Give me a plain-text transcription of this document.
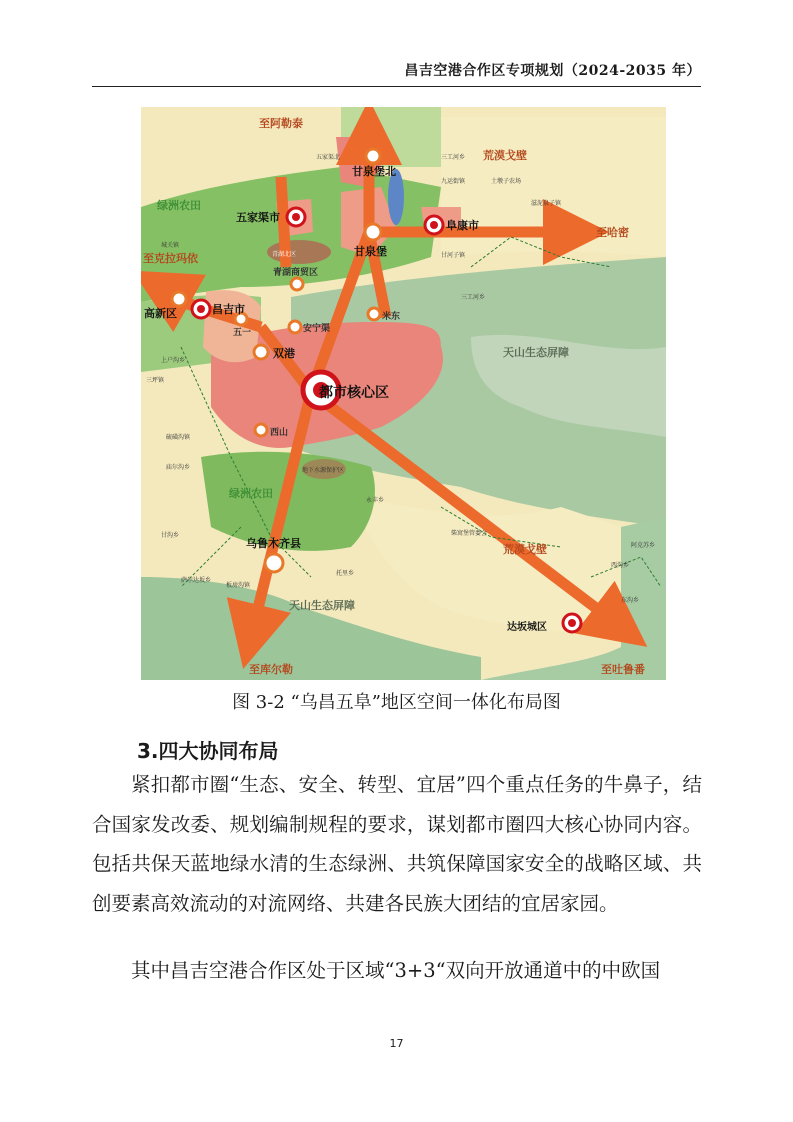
昌吉空港合作区专项规划（2024-2035 年）
至阿勒泰
至哈密
至克拉玛依
至库尔勒	至吐鲁番
绿洲农田
绿洲农田
荒漠戈壁
荒漠戈壁
天山生态屏障
天山生态屏障
都市核心区
昌吉市
五家渠市
阜康市
甘泉堡
甘泉堡北
高新区
五一
双港
青湖商贸区
安宁渠
米东
西山
乌鲁木齐县
达坂城区
青湖北区
地下水源保护区
五家渠北	三工河乡
九运街镇	土墩子农场
滋泥泉子镇
甘河子镇
三工河乡
城关镇
上户沟乡
三坪镇
硫磺沟镇
庙尔沟乡
甘沟乡
萨尔达坂乡
板房沟镇
托里乡
永丰乡
柴窝堡管委会
阿克苏乡
西沟乡
东沟乡
图 3-2 “乌昌五阜”地区空间一体化布局图
3.四大协同布局
紧扣都市圈“生态、安全、转型、宜居”四个重点任务的牛鼻子，结合国家发改委、规划编制规程的要求，谋划都市圈四大核心协同内容。包括共保天蓝地绿水清的生态绿洲、共筑保障国家安全的战略区域、共创要素高效流动的对流网络、共建各民族大团结的宜居家园。
其中昌吉空港合作区处于区域“3+3“双向开放通道中的中欧国
17
